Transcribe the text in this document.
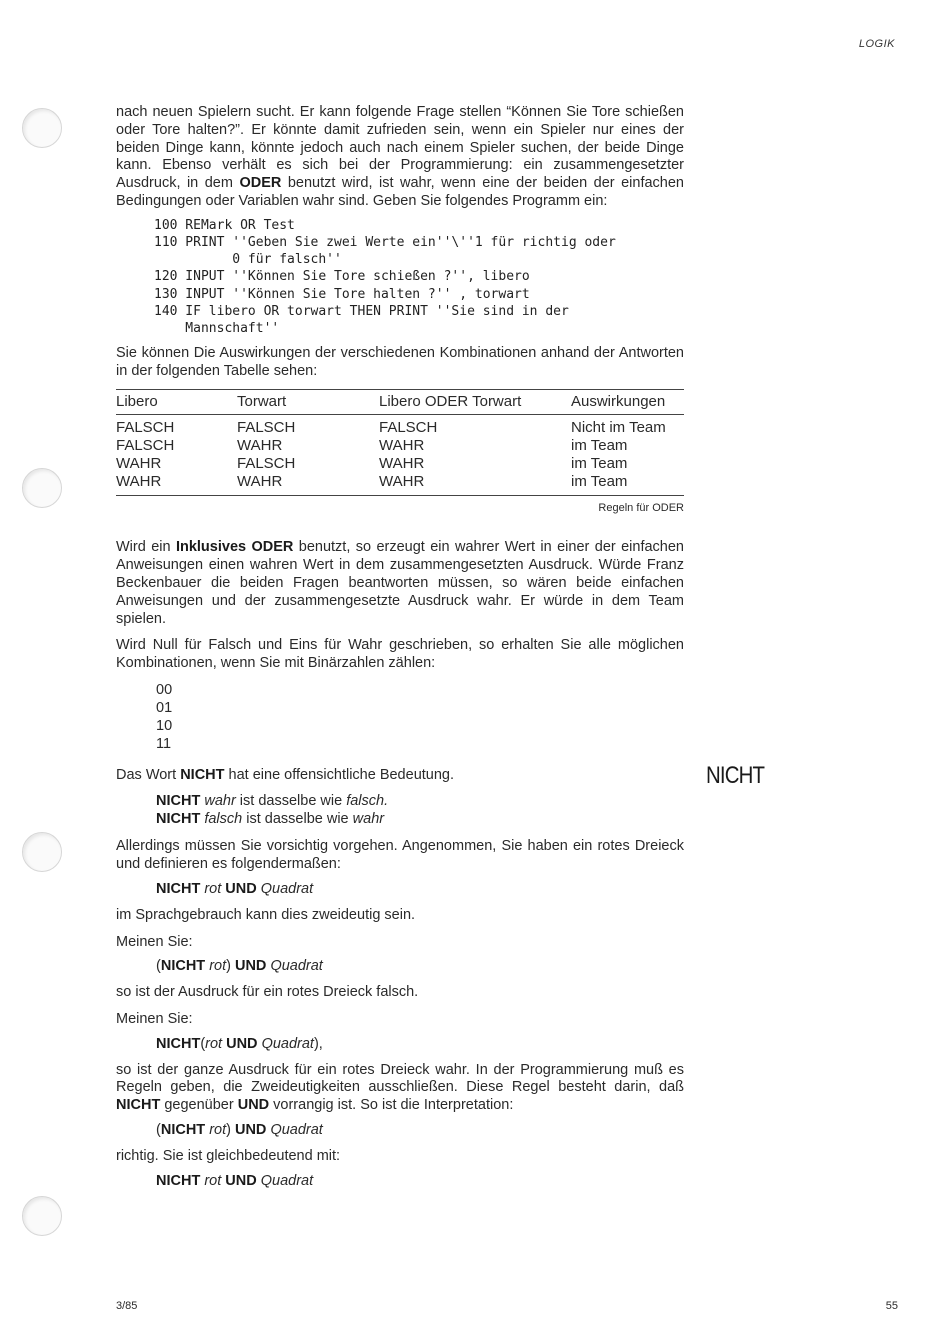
LOGIK
NICHT

nach neuen Spielern sucht. Er kann folgende Frage stellen “Können Sie Tore schießen oder Tore halten?”. Er könnte damit zufrieden sein, wenn ein Spieler nur eines der beiden Dinge kann, könnte jedoch auch nach einem Spieler suchen, der beide Dinge kann. Ebenso verhält es sich bei der Programmierung: ein zusammengesetzter Ausdruck, in dem ODER benutzt wird, ist wahr, wenn eine der beiden der einfachen Bedingungen oder Variablen wahr sind. Geben Sie folgendes Programm ein:

100 REMark OR Test
110 PRINT ''Geben Sie zwei Werte ein''\''1 für richtig oder
0 für falsch''
120 INPUT ''Können Sie Tore schießen ?'', libero
130 INPUT ''Können Sie Tore halten ?'' , torwart
140 IF libero OR torwart THEN PRINT ''Sie sind in der
Mannschaft''

Sie können Die Auswirkungen der verschiedenen Kombinationen anhand der Antworten in der folgenden Tabelle sehen:

Libero	Torwart	Libero ODER Torwart	Auswirkungen
FALSCH	FALSCH	FALSCH	Nicht im Team
FALSCH	WAHR	WAHR	im Team
WAHR	FALSCH	WAHR	im Team
WAHR	WAHR	WAHR	im Team
Regeln für ODER

Wird ein Inklusives ODER benutzt, so erzeugt ein wahrer Wert in einer der einfachen Anweisungen einen wahren Wert in dem zusammengesetzten Ausdruck. Würde Franz Beckenbauer die beiden Fragen beantworten müssen, so wären beide einfachen Anweisungen und der zusammengesetzte Ausdruck wahr. Er würde in dem Team spielen.

Wird Null für Falsch und Eins für Wahr geschrieben, so erhalten Sie alle möglichen Kombinationen, wenn Sie mit Binärzahlen zählen:

00
01
10
11

Das Wort NICHT hat eine offensichtliche Bedeutung.

NICHT wahr ist dasselbe wie falsch.
NICHT falsch ist dasselbe wie wahr

Allerdings müssen Sie vorsichtig vorgehen. Angenommen, Sie haben ein rotes Dreieck und definieren es folgendermaßen:

NICHT rot UND Quadrat

im Sprachgebrauch kann dies zweideutig sein.

Meinen Sie:

(NICHT rot) UND Quadrat

so ist der Ausdruck für ein rotes Dreieck falsch.

Meinen Sie:

NICHT(rot UND Quadrat),

so ist der ganze Ausdruck für ein rotes Dreieck wahr. In der Programmierung muß es Regeln geben, die Zweideutigkeiten ausschließen. Diese Regel besteht darin, daß NICHT gegenüber UND vorrangig ist. So ist die Interpretation:

(NICHT rot) UND Quadrat

richtig. Sie ist gleichbedeutend mit:

NICHT rot UND Quadrat
3/85	55
